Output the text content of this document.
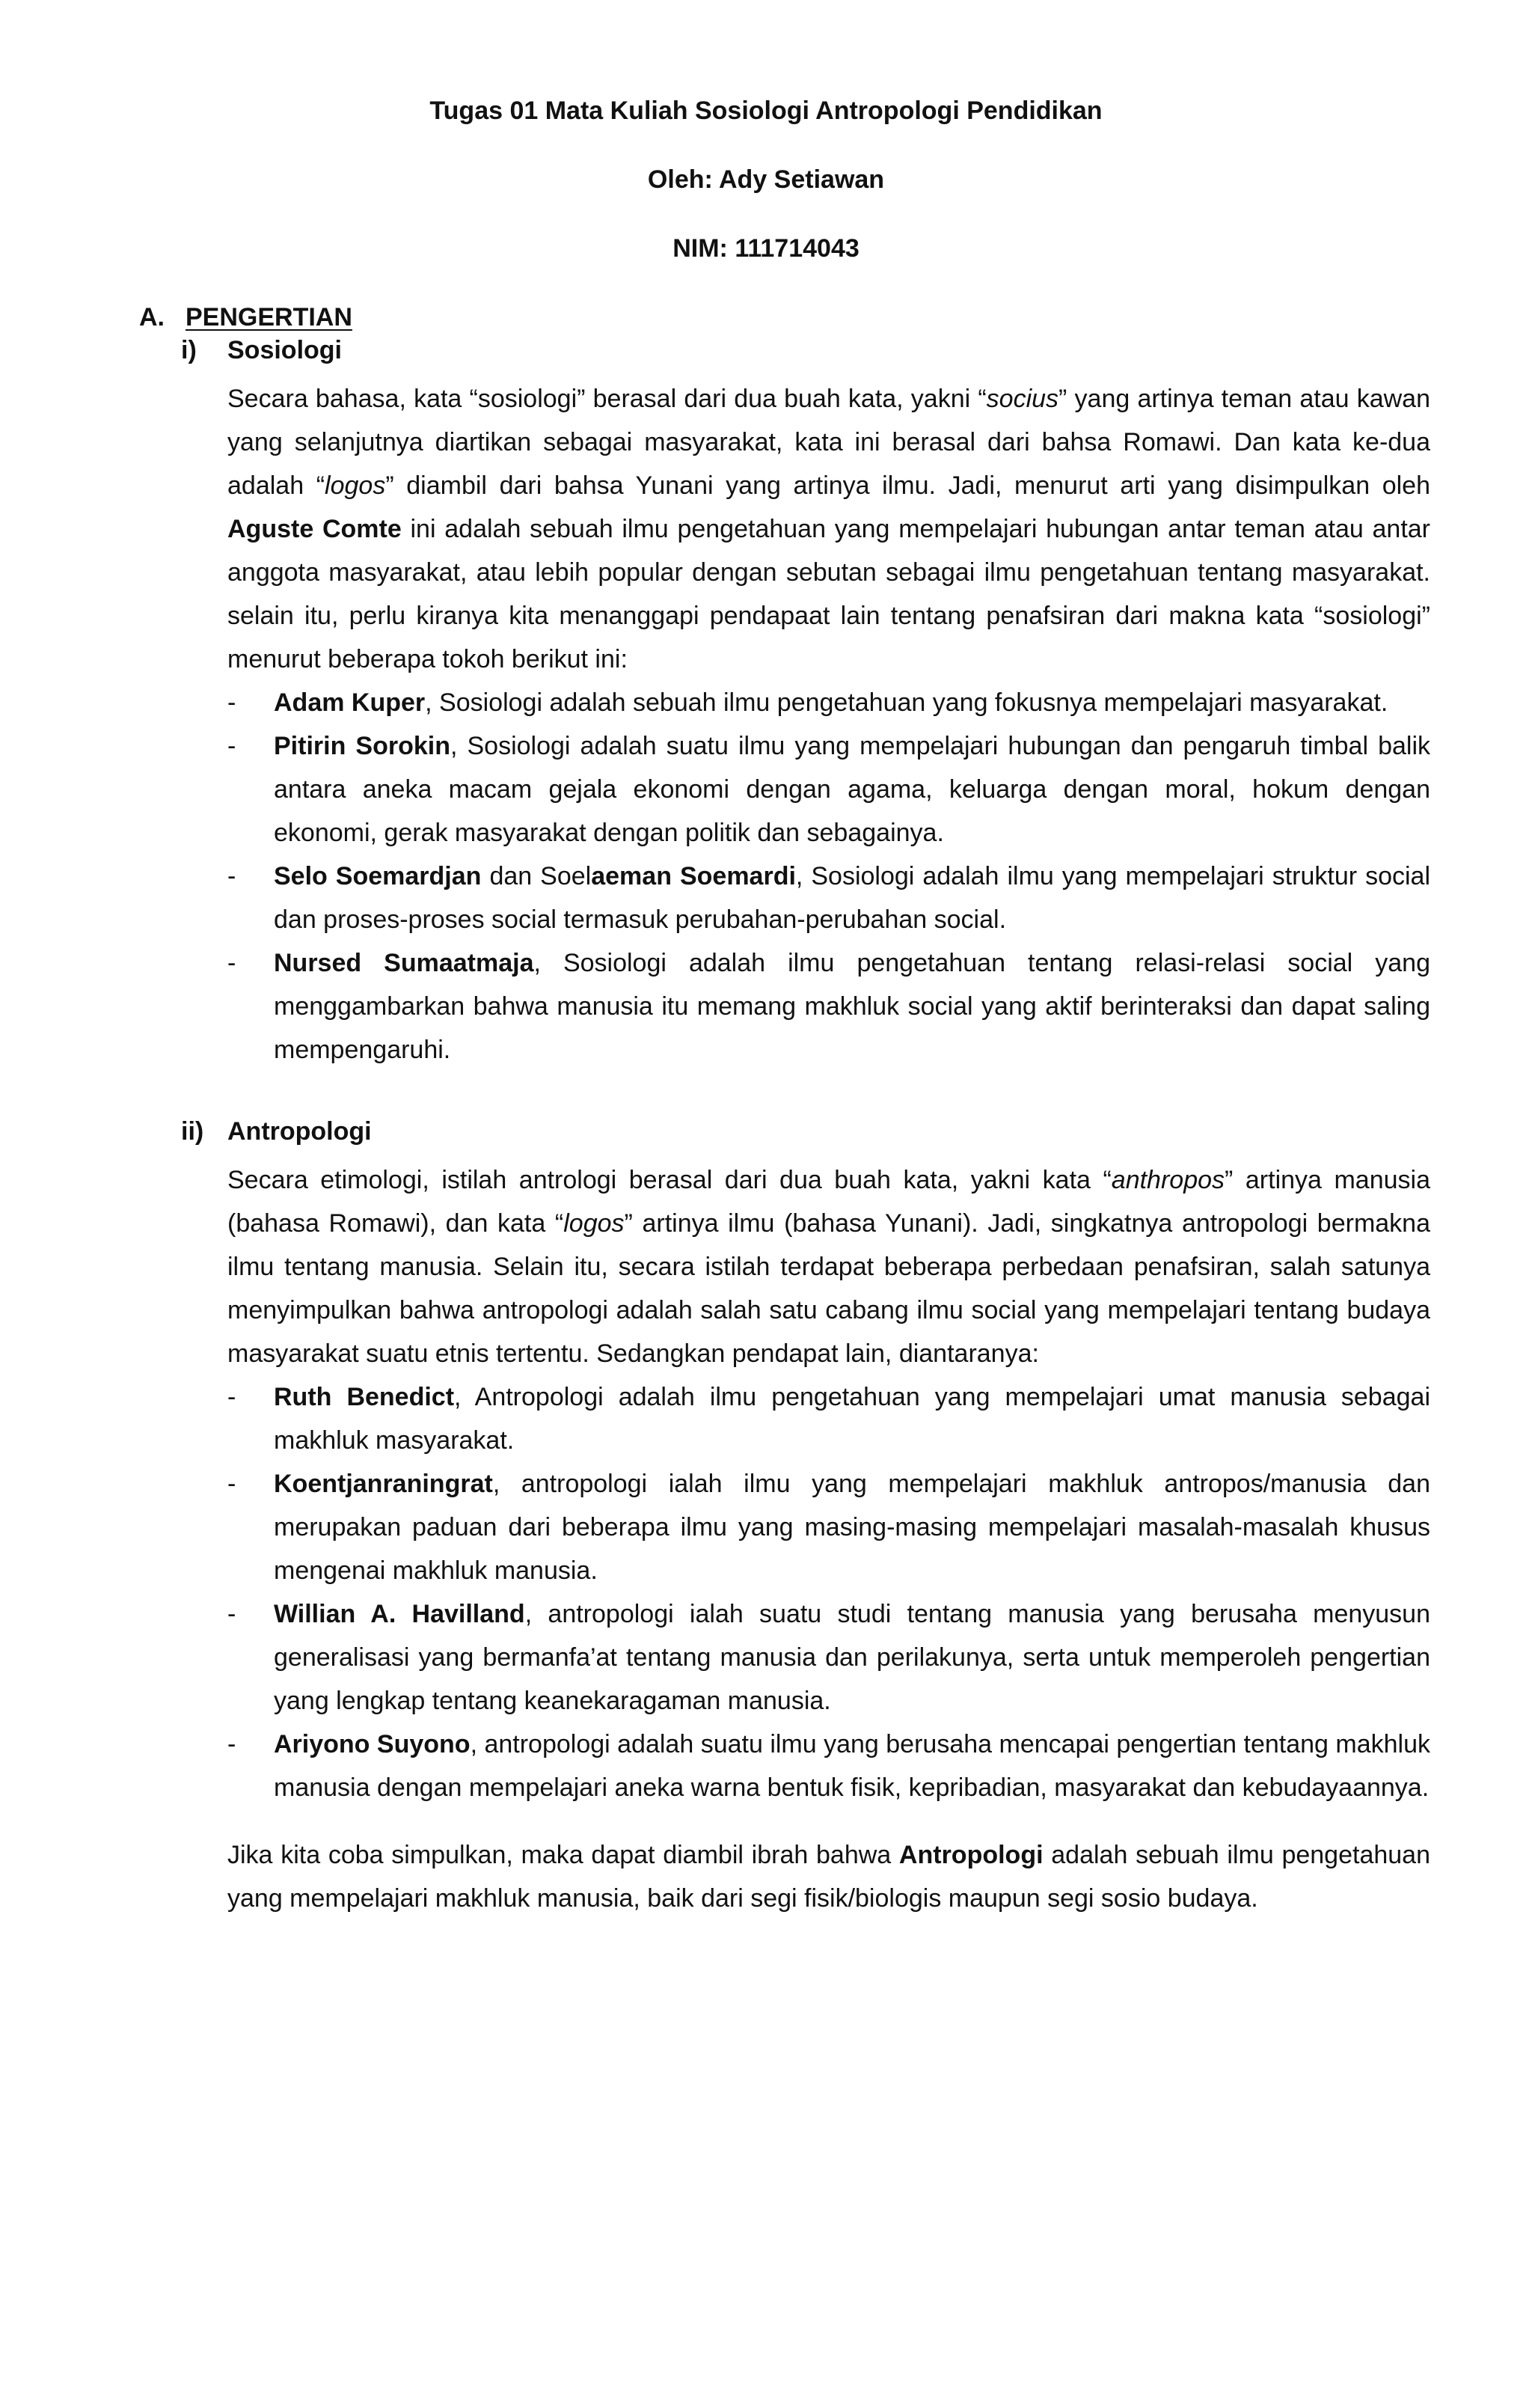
Tugas 01 Mata Kuliah Sosiologi Antropologi Pendidikan
Oleh: Ady Setiawan
NIM: 111714043
A. PENGERTIAN
i)	Sosiologi

Secara bahasa, kata “sosiologi” berasal dari dua buah kata, yakni “socius” yang artinya teman atau kawan yang selanjutnya diartikan sebagai masyarakat, kata ini berasal dari bahsa Romawi. Dan kata ke-dua adalah “logos” diambil dari bahsa Yunani yang artinya ilmu. Jadi, menurut arti yang disimpulkan oleh Aguste Comte ini adalah sebuah ilmu pengetahuan yang mempelajari hubungan antar teman atau antar anggota masyarakat, atau lebih popular dengan sebutan sebagai ilmu pengetahuan tentang masyarakat. selain itu, perlu kiranya kita menanggapi pendapaat lain tentang penafsiran dari makna kata “sosiologi” menurut beberapa tokoh berikut ini:

-	Adam Kuper, Sosiologi adalah sebuah ilmu pengetahuan yang fokusnya mempelajari masyarakat.
-	Pitirin Sorokin, Sosiologi adalah suatu ilmu yang mempelajari hubungan dan pengaruh timbal balik antara aneka macam gejala ekonomi dengan agama, keluarga dengan moral, hokum dengan ekonomi, gerak masyarakat dengan politik dan sebagainya.
-	Selo Soemardjan dan Soelaeman Soemardi, Sosiologi adalah ilmu yang mempelajari struktur social dan proses-proses social termasuk perubahan-perubahan social.
-	Nursed Sumaatmaja, Sosiologi adalah ilmu pengetahuan tentang relasi-relasi social yang menggambarkan bahwa manusia itu memang makhluk social yang aktif berinteraksi dan dapat saling mempengaruhi.
ii) Antropologi

Secara etimologi, istilah antrologi berasal dari dua buah kata, yakni kata “anthropos” artinya manusia (bahasa Romawi), dan kata “logos” artinya ilmu (bahasa Yunani). Jadi, singkatnya antropologi bermakna ilmu tentang manusia. Selain itu, secara istilah terdapat beberapa perbedaan penafsiran, salah satunya menyimpulkan bahwa antropologi adalah salah satu cabang ilmu social yang mempelajari tentang budaya masyarakat suatu etnis tertentu. Sedangkan pendapat lain, diantaranya:

-	Ruth Benedict, Antropologi adalah ilmu pengetahuan yang mempelajari umat manusia sebagai makhluk masyarakat.
-	Koentjanraningrat, antropologi ialah ilmu yang mempelajari makhluk antropos/manusia dan merupakan paduan dari beberapa ilmu yang masing-masing mempelajari masalah-masalah khusus mengenai makhluk manusia.
-	Willian A. Havilland, antropologi ialah suatu studi tentang manusia yang berusaha menyusun generalisasi yang bermanfa’at tentang manusia dan perilakunya, serta untuk memperoleh pengertian yang lengkap tentang keanekaragaman manusia.
-	Ariyono Suyono, antropologi adalah suatu ilmu yang berusaha mencapai pengertian tentang makhluk manusia dengan mempelajari aneka warna bentuk fisik, kepribadian, masyarakat dan kebudayaannya.

Jika kita coba simpulkan, maka dapat diambil ibrah bahwa Antropologi adalah sebuah ilmu pengetahuan yang mempelajari makhluk manusia, baik dari segi fisik/biologis maupun segi sosio budaya.
